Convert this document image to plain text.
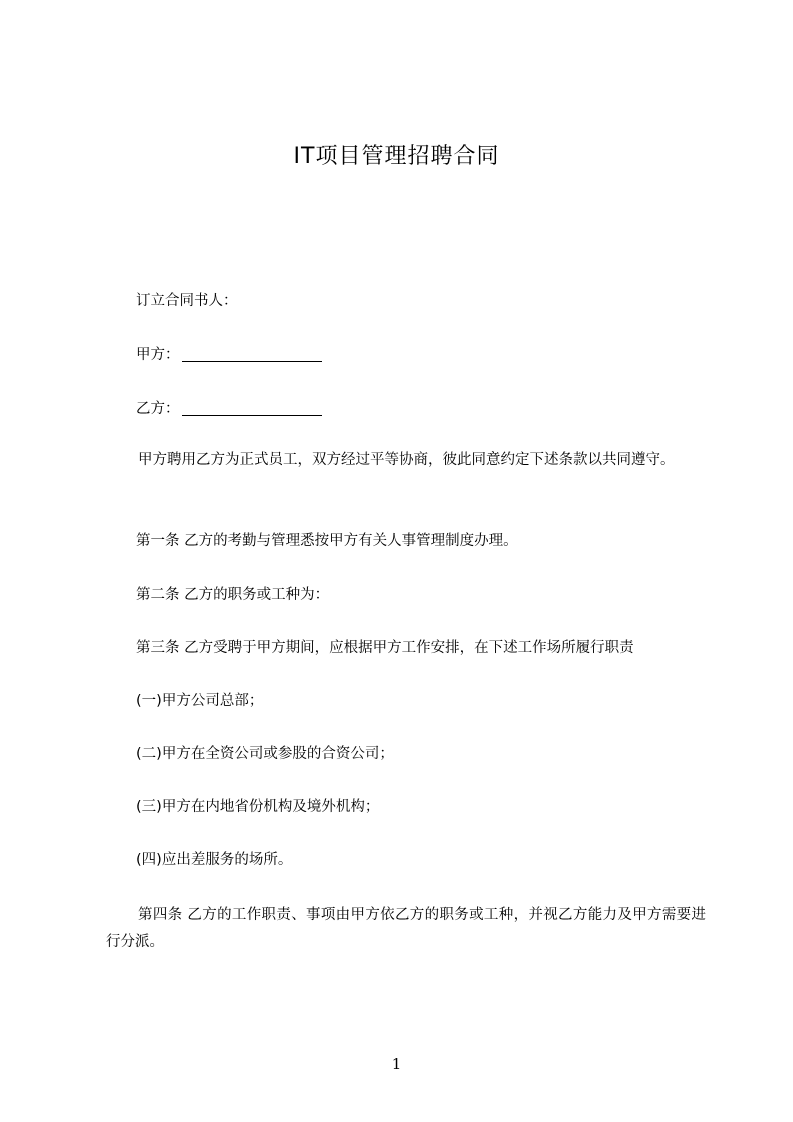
IT项目管理招聘合同
订立合同书人：
甲方：
乙方：
甲方聘用乙方为正式员工，双方经过平等协商，彼此同意约定下述条款以共同遵守。
第一条 乙方的考勤与管理悉按甲方有关人事管理制度办理。
第二条 乙方的职务或工种为：
第三条 乙方受聘于甲方期间，应根据甲方工作安排，在下述工作场所履行职责
(一)甲方公司总部；
(二)甲方在全资公司或参股的合资公司；
(三)甲方在内地省份机构及境外机构；
(四)应出差服务的场所。
第四条 乙方的工作职责、事项由甲方依乙方的职务或工种，并视乙方能力及甲方需要进行分派。
1
